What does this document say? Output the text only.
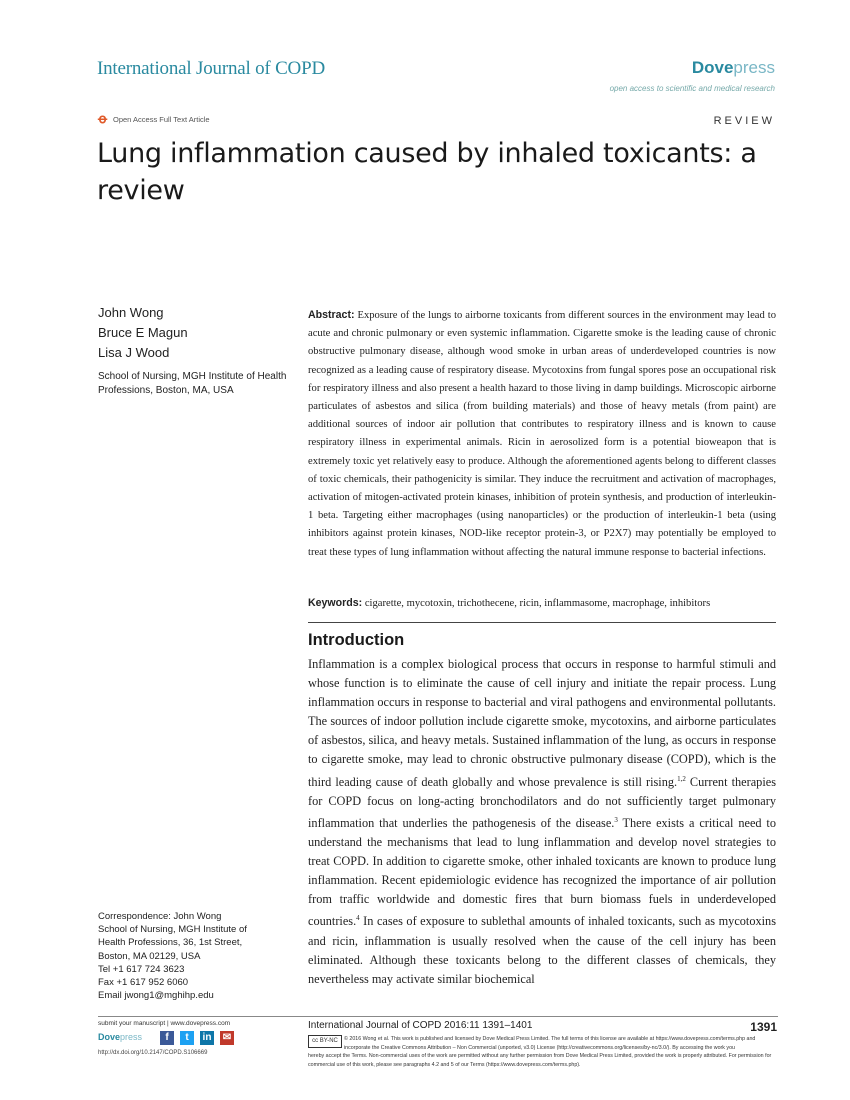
International Journal of COPD	Dovepress
open access to scientific and medical research
ꝋ Open Access Full Text Article	REVIEW
Lung inflammation caused by inhaled toxicants: a review
John Wong
Bruce E Magun
Lisa J Wood
School of Nursing, MGH Institute of Health Professions, Boston, MA, USA
Abstract: Exposure of the lungs to airborne toxicants from different sources in the environment may lead to acute and chronic pulmonary or even systemic inflammation. Cigarette smoke is the leading cause of chronic obstructive pulmonary disease, although wood smoke in urban areas of underdeveloped countries is now recognized as a leading cause of respiratory disease. Mycotoxins from fungal spores pose an occupational risk for respiratory illness and also present a health hazard to those living in damp buildings. Microscopic airborne particulates of asbestos and silica (from building materials) and those of heavy metals (from paint) are additional sources of indoor air pollution that contributes to respiratory illness and is known to cause respiratory illness in experimental animals. Ricin in aerosolized form is a potential bioweapon that is extremely toxic yet relatively easy to produce. Although the aforementioned agents belong to different classes of toxic chemicals, their pathogenicity is similar. They induce the recruitment and activation of macrophages, activation of mitogen-activated protein kinases, inhibition of protein synthesis, and production of interleukin-1 beta. Targeting either macrophages (using nanoparticles) or the production of interleukin-1 beta (using inhibitors against protein kinases, NOD-like receptor protein-3, or P2X7) may potentially be employed to treat these types of lung inflammation without affecting the natural immune response to bacterial infections.
Keywords: cigarette, mycotoxin, trichothecene, ricin, inflammasome, macrophage, inhibitors
Introduction
Inflammation is a complex biological process that occurs in response to harmful stimuli and whose function is to eliminate the cause of cell injury and initiate the repair process. Lung inflammation occurs in response to bacterial and viral pathogens and environmental pollutants. The sources of indoor pollution include cigarette smoke, mycotoxins, and airborne particulates of asbestos, silica, and heavy metals. Sustained inflammation of the lung, as occurs in response to cigarette smoke, may lead to chronic obstructive pulmonary disease (COPD), which is the third leading cause of death globally and whose prevalence is still rising.$^{1,2}$ Current therapies for COPD focus on long-acting bronchodilators and do not sufficiently target pulmonary inflammation that underlies the pathogenesis of the disease.$^3$ There exists a critical need to understand the mechanisms that lead to lung inflammation and develop novel strategies to treat COPD. In addition to cigarette smoke, other inhaled toxicants are known to produce lung inflammation. Recent epidemiologic evidence has recognized the importance of air pollution from traffic worldwide and domestic fires that burn biomass fuels in underdeveloped countries.$^4$ In cases of exposure to sublethal amounts of inhaled toxicants, such as mycotoxins and ricin, inflammation is usually resolved when the cause of the cell injury has been eliminated. Although these toxicants belong to the different classes of chemicals, they nevertheless may activate similar biochemical
Correspondence: John Wong
School of Nursing, MGH Institute of
Health Professions, 36, 1st Street,
Boston, MA 02129, USA
Tel +1 617 724 3623
Fax +1 617 952 6060
Email jwong1@mghihp.edu
submit your manuscript | www.dovepress.com
Dovepress	f	t	in ✉
http://dx.doi.org/10.2147/COPD.S106669
International Journal of COPD 2016:11 1391–1401	1391
cc BY-NC	© 2016 Wong et al. This work is published and licensed by Dove Medical Press Limited. The full terms of this license are available at https://www.dovepress.com/terms.php and incorporate the Creative Commons Attribution – Non Commercial (unported, v3.0) License (http://creativecommons.org/licenses/by-nc/3.0/). By accessing the work you
hereby accept the Terms. Non-commercial uses of the work are permitted without any further permission from Dove Medical Press Limited, provided the work is properly attributed. For permission for commercial use of this work, please see paragraphs 4.2 and 5 of our Terms (https://www.dovepress.com/terms.php).
